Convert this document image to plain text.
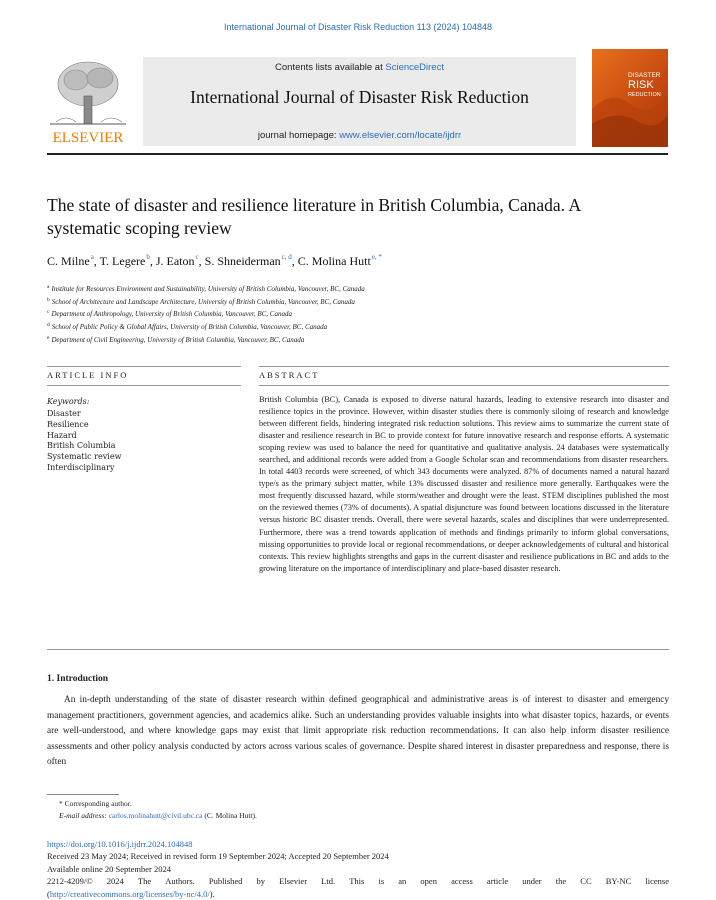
International Journal of Disaster Risk Reduction 113 (2024) 104848
ELSEVIER
Contents lists available at ScienceDirect
International Journal of Disaster Risk Reduction
journal homepage: www.elsevier.com/locate/ijdrr
DISASTER
RISK
REDUCTION
The state of disaster and resilience literature in British Columbia, Canada. A systematic scoping review
C. Milne $^a$, T. Legere $^b$, J. Eaton $^c$, S. Shneiderman $^{c, d}$, C. Molina Hutt $^{e, *}$
$^a$ Institute for Resources Environment and Sustainability, University of British Columbia, Vancouver, BC, Canada
$^b$ School of Architecture and Landscape Architecture, University of British Columbia, Vancouver, BC, Canada
$^c$ Department of Anthropology, University of British Columbia, Vancouver, BC, Canada
$^d$ School of Public Policy & Global Affairs, University of British Columbia, Vancouver, BC, Canada
$^e$ Department of Civil Engineering, University of British Columbia, Vancouver, BC, Canada
ARTICLE INFO	ABSTRACT
Keywords:
Disaster
Resilience
Hazard
British Columbia
Systematic review
Interdisciplinary
British Columbia (BC), Canada is exposed to diverse natural hazards, leading to extensive research into disaster and resilience topics in the province. However, within disaster studies there is commonly siloing of research and knowledge between different fields, hindering integrated risk reduction solutions. This review aims to summarize the current state of disaster and resilience research in BC to provide context for future innovative research and response efforts. A systematic scoping review was used to balance the need for quantitative and qualitative analysis. 24 databases were systematically searched, and additional records were added from a Google Scholar scan and recommendations from disaster researchers. In total 4403 records were screened, of which 343 documents were analyzed. 87% of documents named a natural hazard type/s as the primary subject matter, while 13% discussed disaster and resilience more generally. Earthquakes were the most frequently discussed hazard, while storm/weather and drought were the least. STEM disciplines published the most on the reviewed themes (73% of documents). A spatial disjuncture was found between locations discussed in the literature versus historic BC disaster trends. Overall, there were several hazards, scales and disciplines that were underrepresented. Furthermore, there was a trend towards application of methods and findings primarily to inform global conversations, missing opportunities to provide local or regional recommendations, or deeper acknowledgements of cultural and historical contexts. This review highlights strengths and gaps in the current disaster and resilience publications in BC and adds to the growing literature on the importance of interdisciplinary and place-based disaster research.
1. Introduction
An in-depth understanding of the state of disaster research within defined geographical and administrative areas is of interest to disaster and emergency management practitioners, government agencies, and academics alike. Such an understanding provides valuable insights into what disaster topics, hazards, or events are well-understood, and where knowledge gaps may exist that limit appropriate risk reduction recommendations. It can also help inform disaster resilience assessments and other policy analysis conducted by actors across various scales of governance. Despite shared interest in disaster preparedness and response, there is often
* Corresponding author.
E-mail address: carlos.molinahutt@civil.ubc.ca (C. Molina Hutt).
https://doi.org/10.1016/j.ijdrr.2024.104848
Received 23 May 2024; Received in revised form 19 September 2024; Accepted 20 September 2024
Available online 20 September 2024
2212-4209/© 2024 The Authors. Published by Elsevier Ltd. This is an open access article under the CC BY-NC license
(http://creativecommons.org/licenses/by-nc/4.0/).
